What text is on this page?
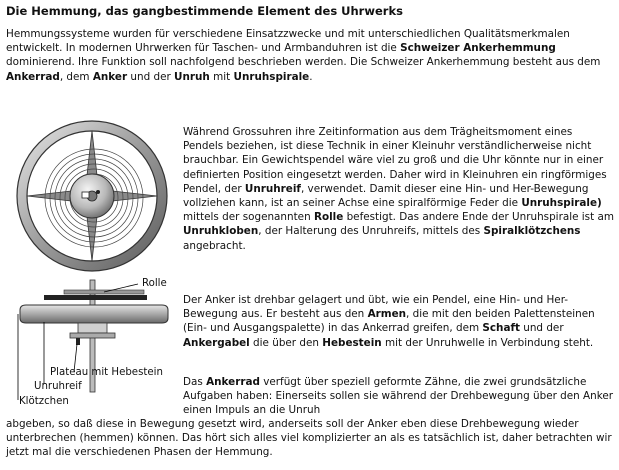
Die Hemmung, das gangbestimmende Element des Uhrwerks

Hemmungssysteme wurden für verschiedene Einsatzzwecke und mit unterschiedlichen Qualitätsmerkmalen entwickelt. In modernen Uhrwerken für Taschen- und Armbanduhren ist die Schweizer Ankerhemmung dominierend. Ihre Funktion soll nachfolgend beschrieben werden. Die Schweizer Ankerhemmung besteht aus dem Ankerrad, dem Anker und der Unruh mit Unruhspirale.

Rolle
Plateau mit Hebestein
Unruhreif
Klötzchen

Während Grossuhren ihre Zeitinformation aus dem Trägheitsmoment eines Pendels beziehen, ist diese Technik in einer Kleinuhr verständlicherweise nicht brauchbar. Ein Gewichtspendel wäre viel zu groß und die Uhr könnte nur in einer definierten Position eingesetzt werden. Daher wird in Kleinuhren ein ringförmiges Pendel, der Unruhreif, verwendet. Damit dieser eine Hin- und Her-Bewegung vollziehen kann, ist an seiner Achse eine spiralförmige Feder die Unruhspirale) mittels der sogenannten Rolle befestigt. Das andere Ende der Unruhspirale ist am Unruhkloben, der Halterung des Unruhreifs, mittels des Spiralklötzchens angebracht.

Der Anker ist drehbar gelagert und übt, wie ein Pendel, eine Hin- und Her-Bewegung aus. Er besteht aus den Armen, die mit den beiden Palettensteinen (Ein- und Ausgangspalette) in das Ankerrad greifen, dem Schaft und der Ankergabel die über den Hebestein mit der Unruhwelle in Verbindung steht.

Das Ankerrad verfügt über speziell geformte Zähne, die zwei grundsätzliche Aufgaben haben: Einerseits sollen sie während der Drehbewegung über den Anker einen Impuls an die Unruh

abgeben, so daß diese in Bewegung gesetzt wird, anderseits soll der Anker eben diese Drehbewegung wieder unterbrechen (hemmen) können. Das hört sich alles viel komplizierter an als es tatsächlich ist, daher betrachten wir jetzt mal die verschiedenen Phasen der Hemmung.
